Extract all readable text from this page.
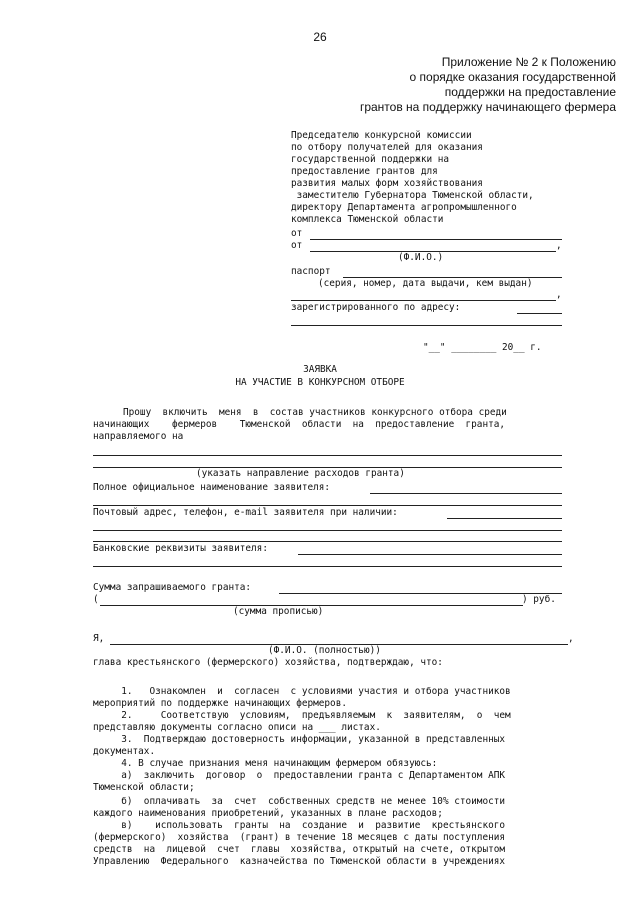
26
Приложение № 2 к Положению
о порядке оказания государственной
поддержки на предоставление
грантов на поддержку начинающего фермера
Председателю конкурсной комиссии
по отбору получателей для оказания
государственной поддержки на
предоставление грантов для
развития малых форм хозяйствования
заместителю Губернатора Тюменской области,
директору Департамента агропромышленного
комплекса Тюменской области
от
от	,
(Ф.И.О.)
паспорт
(серия, номер, дата выдачи, кем выдан)
,
зарегистрированного по адресу:
"__" ________ 20__ г.
ЗАЯВКА
НА УЧАСТИЕ В КОНКУРСНОМ ОТБОРЕ
Прошу  включить  меня  в  состав участников конкурсного отбора среди
начинающих    фермеров    Тюменской  области  на  предоставление  гранта,
направляемого на
(указать направление расходов гранта)
Полное официальное наименование заявителя:
Почтовый адрес, телефон, e-mail заявителя при наличии:
Банковские реквизиты заявителя:
Сумма запрашиваемого гранта:
(	) руб.
(сумма прописью)
Я,	,
(Ф.И.О. (полностью))
глава крестьянского (фермерского) хозяйства, подтверждаю, что:
1.   Ознакомлен  и  согласен  с условиями участия и отбора участников
мероприятий по поддержке начинающих фермеров.
2.     Соответствую  условиям,  предъявляемым  к  заявителям,  о  чем
представляю документы согласно описи на ___ листах.
3.  Подтверждаю достоверность информации, указанной в представленных
документах.
4. В случае признания меня начинающим фермером обязуюсь:
а)  заключить  договор  о  предоставлении гранта с Департаментом АПК
Тюменской области;
б)  оплачивать  за  счет  собственных средств не менее 10% стоимости
каждого наименования приобретений, указанных в плане расходов;
в)    использовать  гранты  на  создание  и  развитие  крестьянского
(фермерского)  хозяйства  (грант) в течение 18 месяцев с даты поступления
средств  на  лицевой  счет  главы  хозяйства, открытый на счете, открытом
Управлению  Федерального  казначейства по Тюменской области в учреждениях
